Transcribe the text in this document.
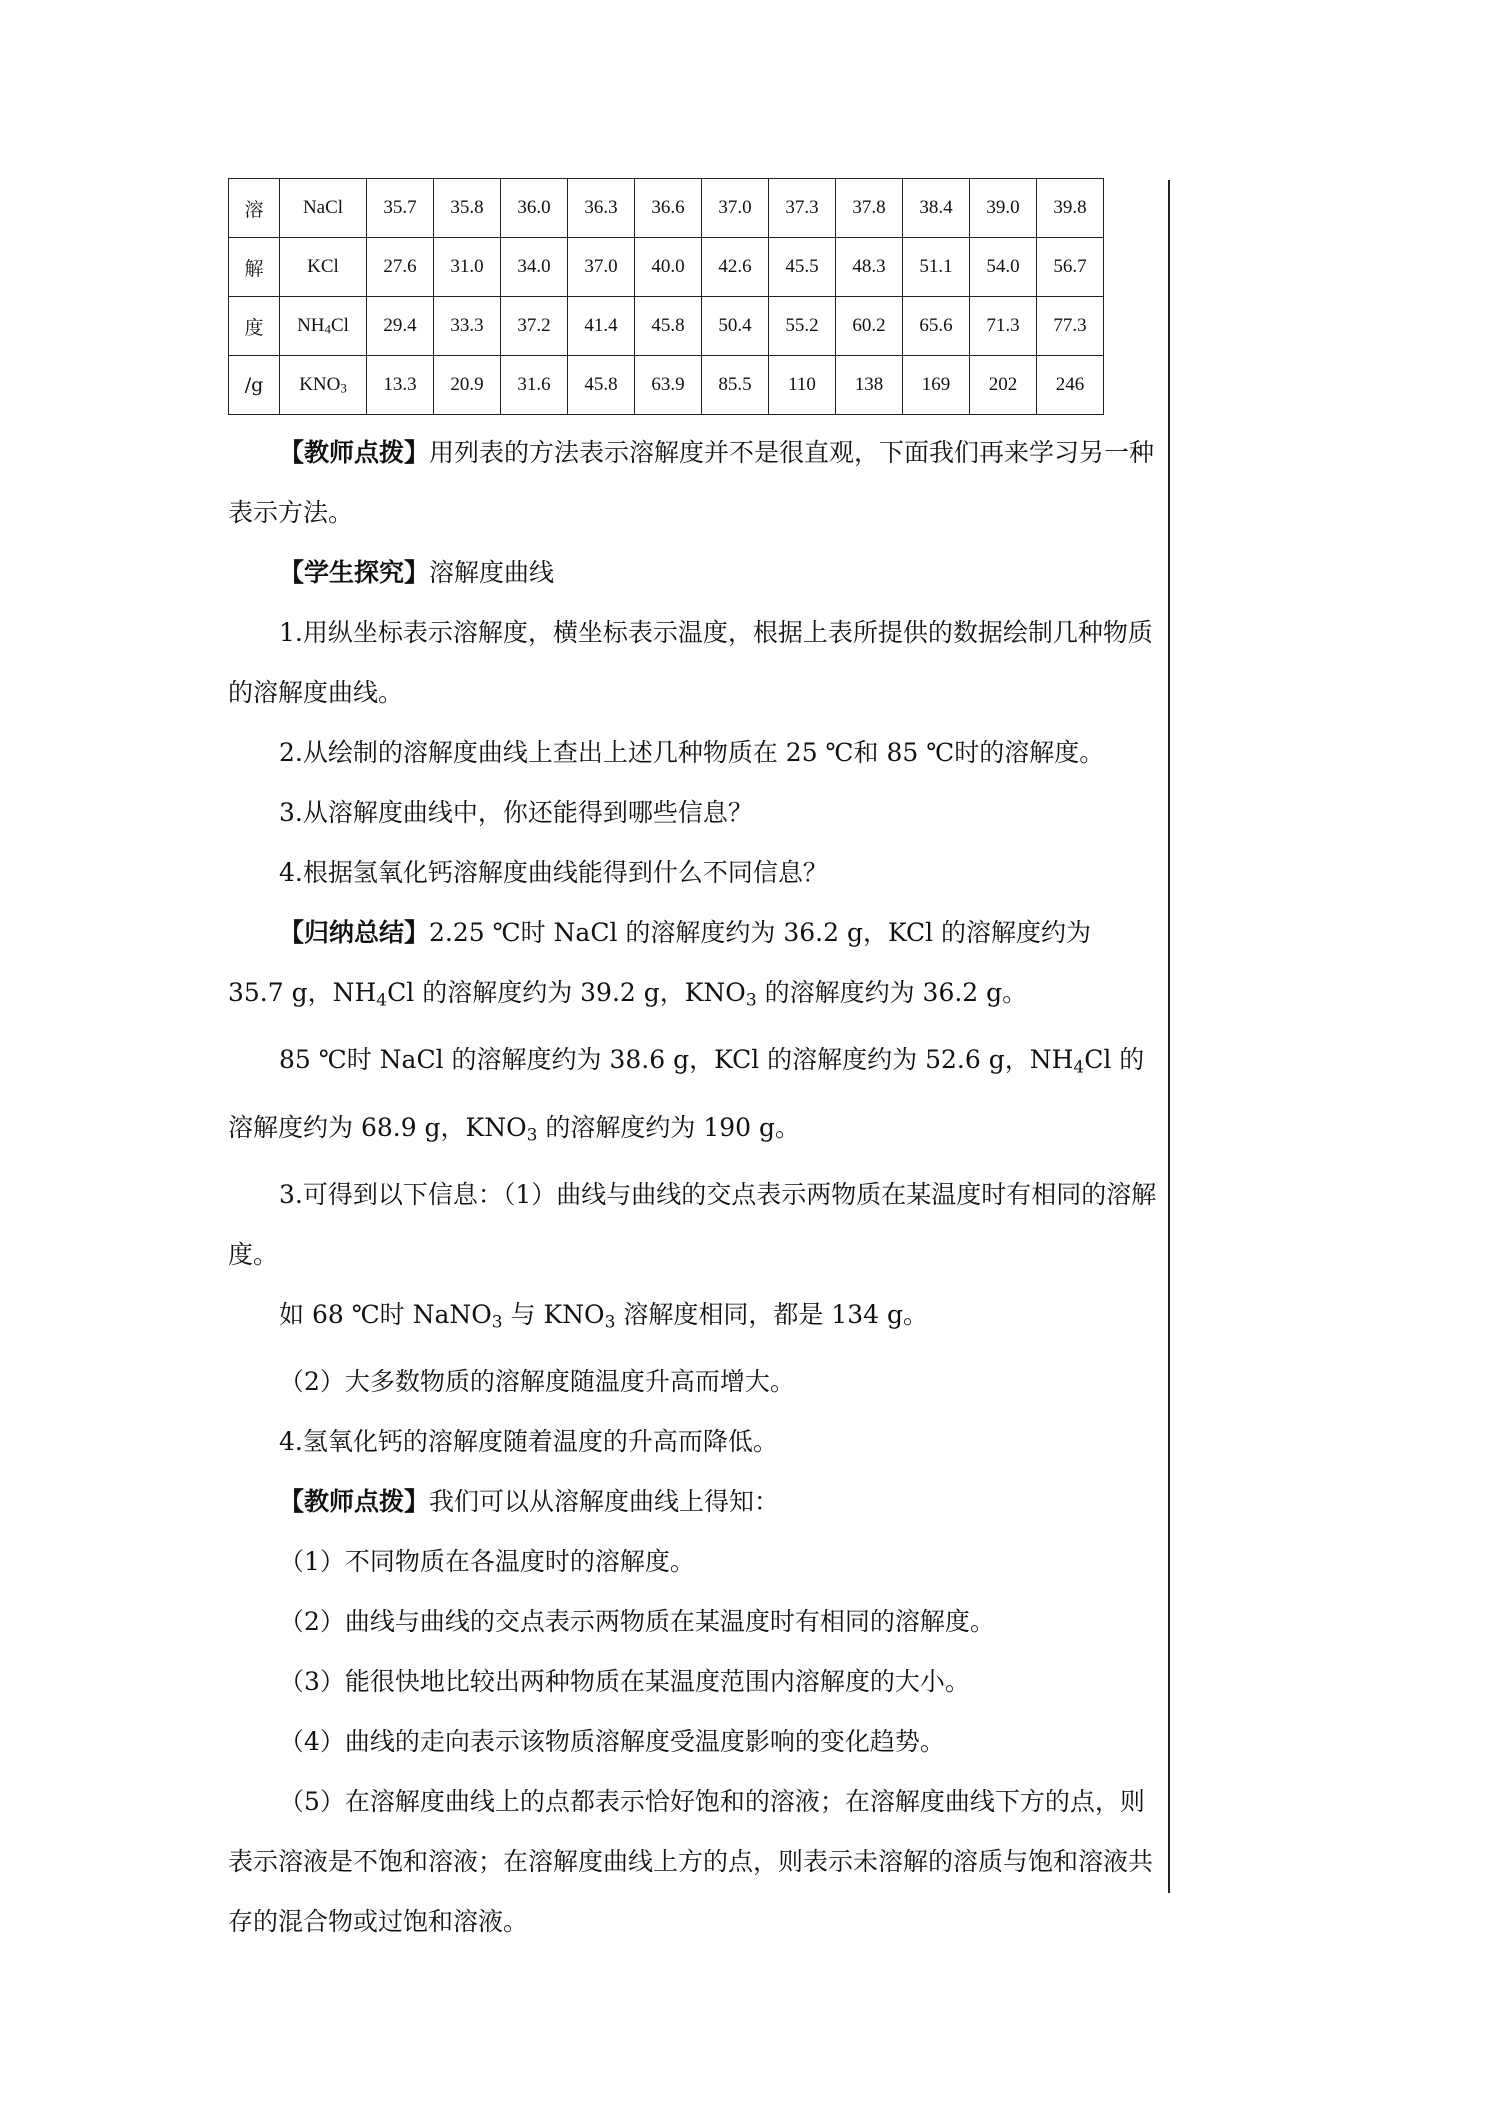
溶	NaCl	35.7	35.8	36.0	36.3	36.6	37.0	37.3	37.8	38.4	39.0	39.8
解	KCl	27.6	31.0	34.0	37.0	40.0	42.6	45.5	48.3	51.1	54.0	56.7
度	NH4Cl	29.4	33.3	37.2	41.4	45.8	50.4	55.2	60.2	65.6	71.3	77.3
/g	KNO3	13.3	20.9	31.6	45.8	63.9	85.5	110	138	169	202	246

【教师点拨】用列表的方法表示溶解度并不是很直观，下面我们再来学习另一种表示方法。

【学生探究】溶解度曲线

1.用纵坐标表示溶解度，横坐标表示温度，根据上表所提供的数据绘制几种物质的溶解度曲线。

2.从绘制的溶解度曲线上查出上述几种物质在 25 ℃和 85 ℃时的溶解度。

3.从溶解度曲线中，你还能得到哪些信息？

4.根据氢氧化钙溶解度曲线能得到什么不同信息？

【归纳总结】2.25 ℃时 NaCl 的溶解度约为 36.2 g，KCl 的溶解度约为

35.7 g，NH4Cl 的溶解度约为 39.2 g，KNO3 的溶解度约为 36.2 g。

85 ℃时 NaCl 的溶解度约为 38.6 g，KCl 的溶解度约为 52.6 g，NH4Cl 的溶解度约为 68.9 g，KNO3 的溶解度约为 190 g。

3.可得到以下信息：（1）曲线与曲线的交点表示两物质在某温度时有相同的溶解度。

如 68 ℃时 NaNO3 与 KNO3 溶解度相同，都是 134 g。

（2）大多数物质的溶解度随温度升高而增大。

4.氢氧化钙的溶解度随着温度的升高而降低。

【教师点拨】我们可以从溶解度曲线上得知：

（1）不同物质在各温度时的溶解度。

（2）曲线与曲线的交点表示两物质在某温度时有相同的溶解度。

（3）能很快地比较出两种物质在某温度范围内溶解度的大小。

（4）曲线的走向表示该物质溶解度受温度影响的变化趋势。

（5）在溶解度曲线上的点都表示恰好饱和的溶液；在溶解度曲线下方的点，则表示溶液是不饱和溶液；在溶解度曲线上方的点，则表示未溶解的溶质与饱和溶液共存的混合物或过饱和溶液。
